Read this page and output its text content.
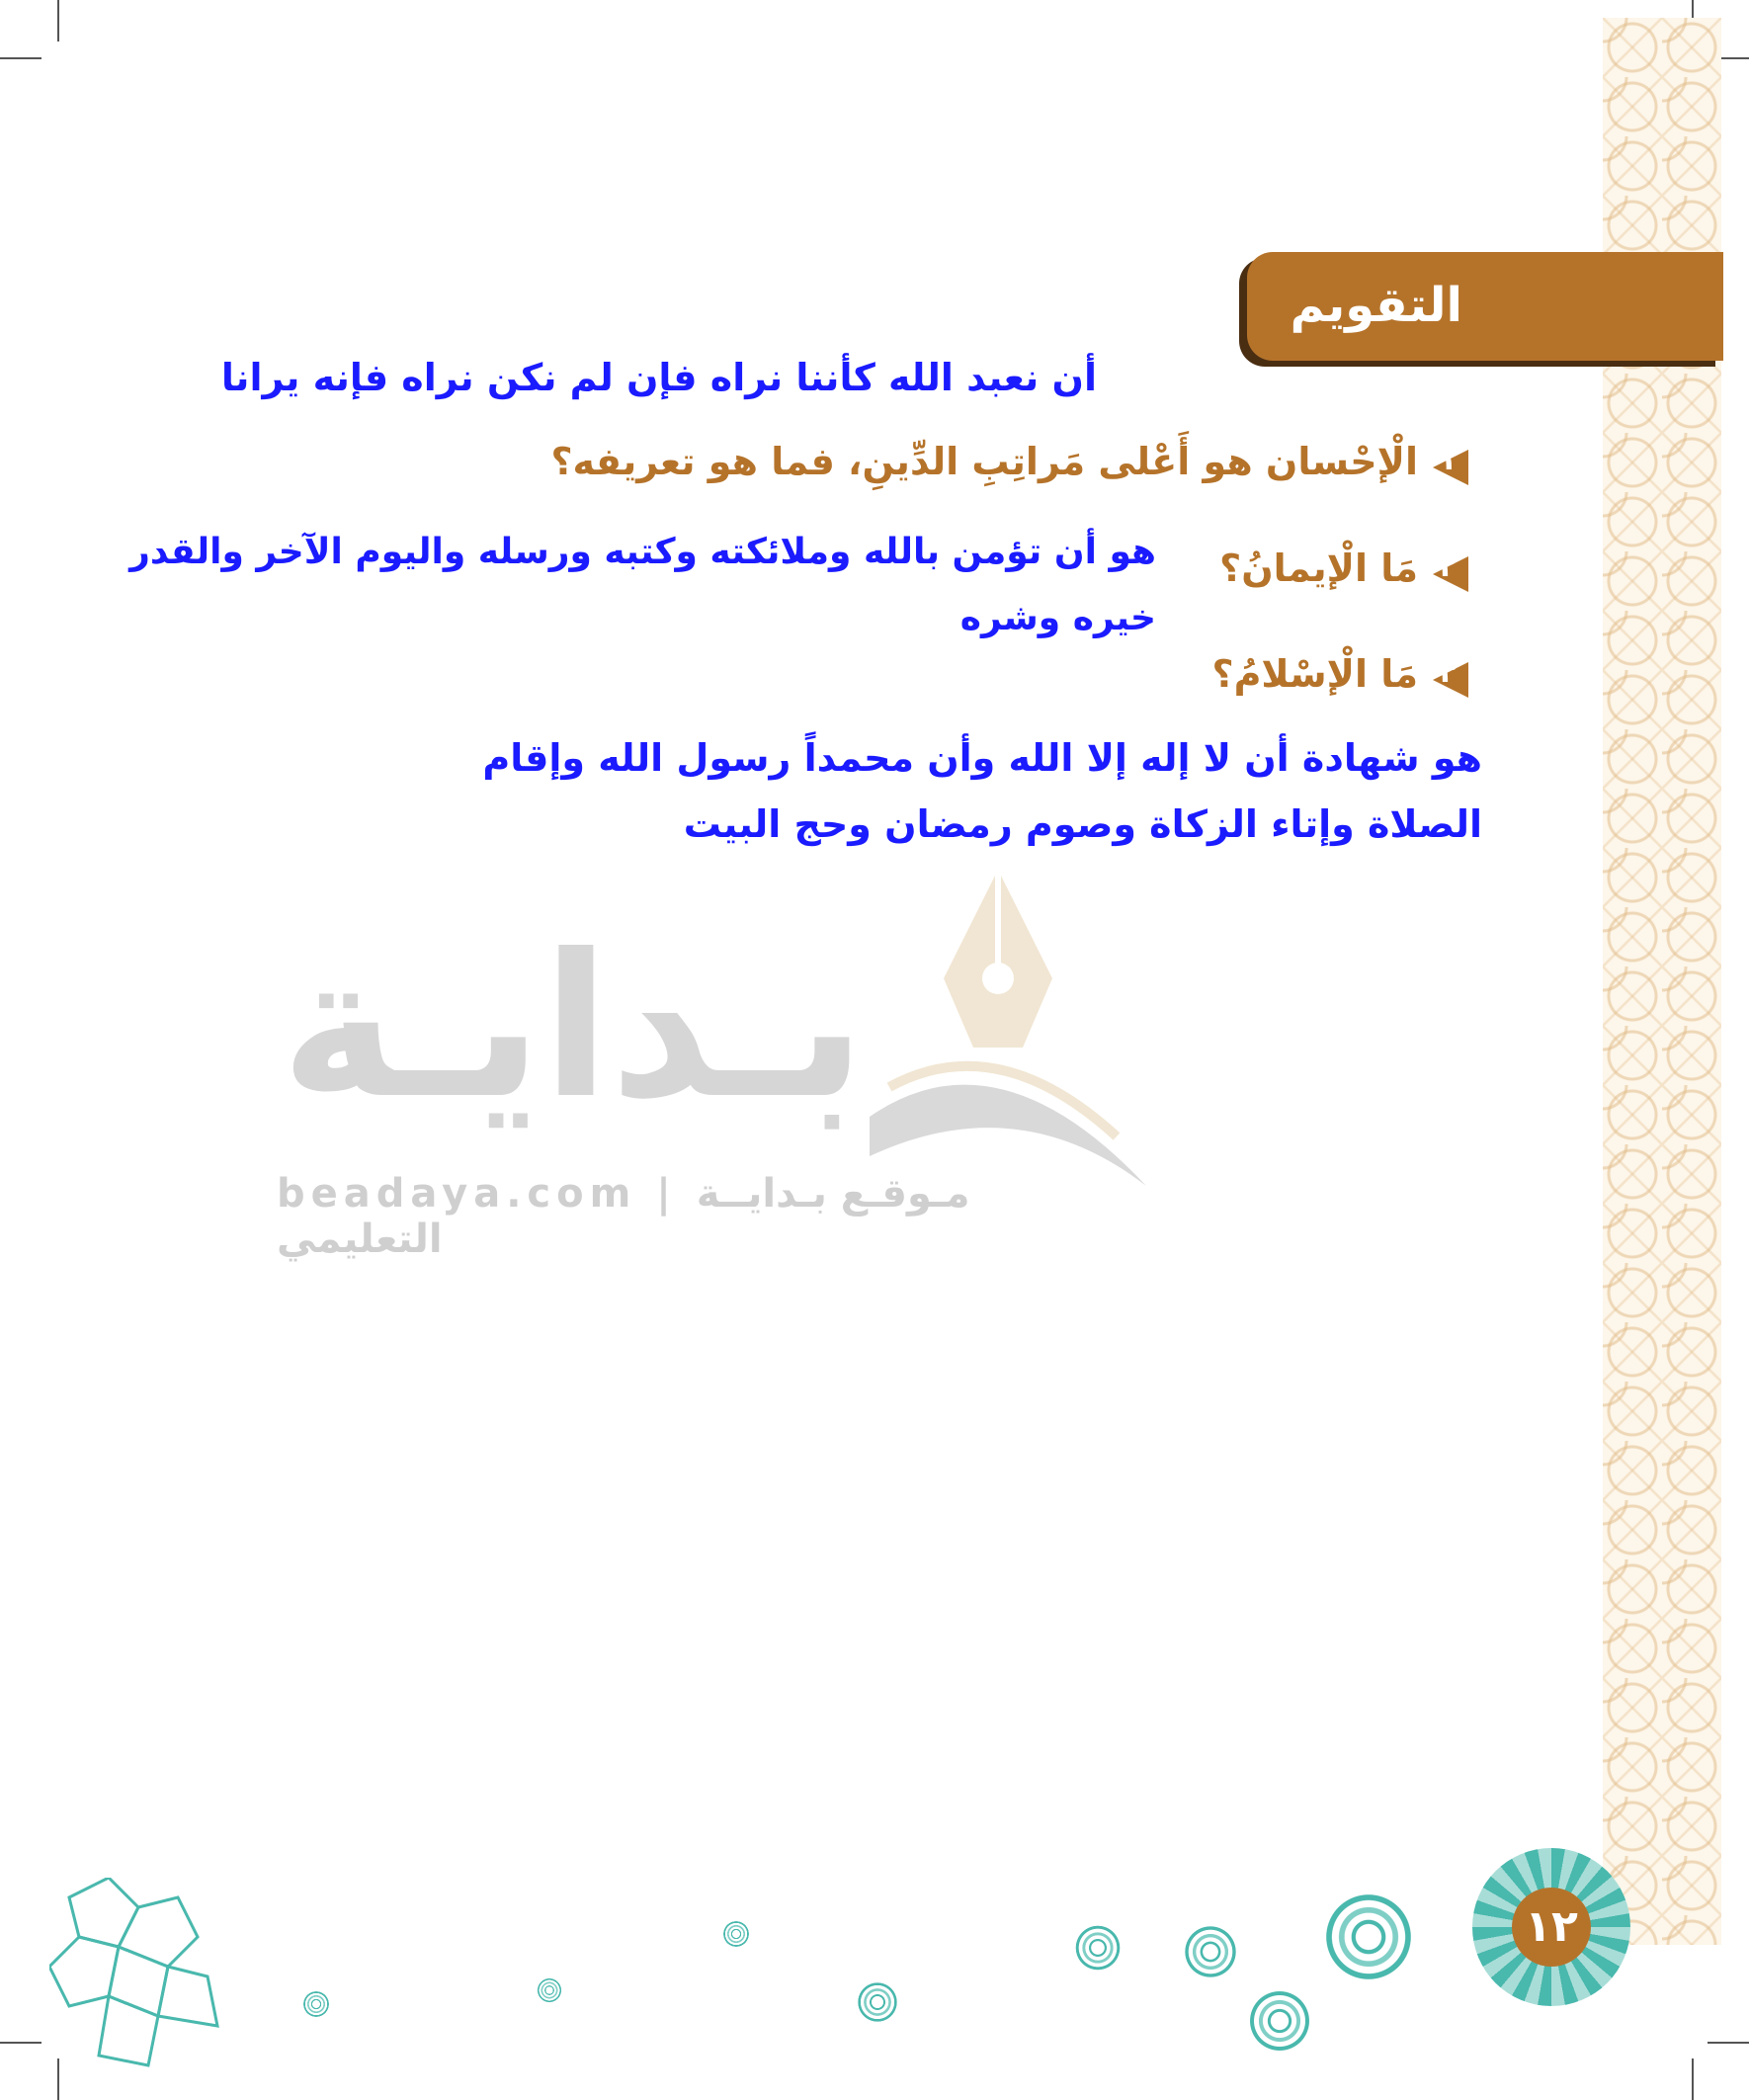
بـدايـة
beadaya.com | مـوقـع بـدايــة التعليمي
التقويم
أن نعبد الله كأننا نراه فإن لم نكن نراه فإنه يرانا
١
الْإحْسان هو أَعْلى مَراتِبِ الدِّينِ، فما هو تعريفه؟
٢
مَا الْإيمانُ؟
هو أن تؤمن بالله وملائكته وكتبه ورسله واليوم الآخر والقدر
خيره وشره
٣
مَا الْإسْلامُ؟
هو شهادة أن لا إله إلا الله وأن محمداً رسول الله وإقام
الصلاة وإتاء الزكاة وصوم رمضان وحج البيت
١٢
